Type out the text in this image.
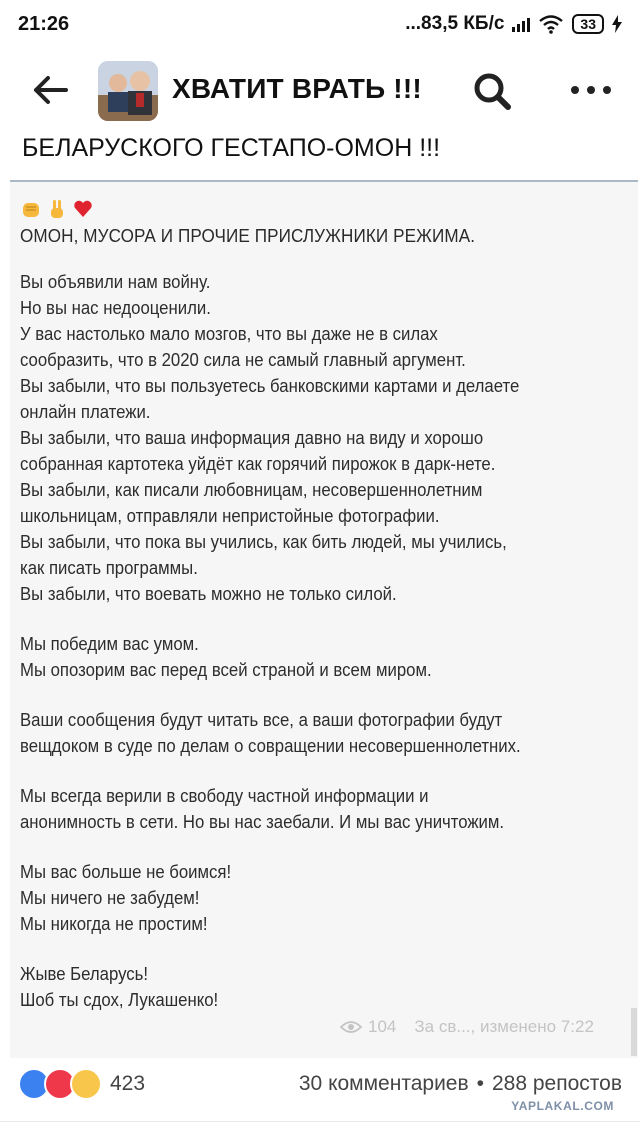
21:26	...83,5 КБ/с	33
ХВАТИТ ВРАТЬ !!!
БЕЛАРУСКОГО ГЕСТАПО-ОМОН !!!
ОМОН, МУСОРА И ПРОЧИЕ ПРИСЛУЖНИКИ РЕЖИМА.
Вы объявили нам войну.
Но вы нас недооценили.
У вас настолько мало мозгов, что вы даже не в силах
сообразить, что в 2020 сила не самый главный аргумент.
Вы забыли, что вы пользуетесь банковскими картами и делаете
онлайн платежи.
Вы забыли, что ваша информация давно на виду и хорошо
собранная картотека уйдёт как горячий пирожок в дарк-нете.
Вы забыли, как писали любовницам, несовершеннолетним
школьницам, отправляли непристойные фотографии.
Вы забыли, что пока вы учились, как бить людей, мы учились,
как писать программы.
Вы забыли, что воевать можно не только силой.
Мы победим вас умом.
Мы опозорим вас перед всей страной и всем миром.
Ваши сообщения будут читать все, а ваши фотографии будут
вещдоком в суде по делам о совращении несовершеннолетних.
Мы всегда верили в свободу частной информации и
анонимность в сети. Но вы нас заебали. И мы вас уничтожим.
Мы вас больше не боимся!
Мы ничего не забудем!
Мы никогда не простим!
Жыве Беларусь!
Шоб ты сдох, Лукашенко!
104 За св..., изменено 7:22
423	30 комментариев • 288 репостов
YAPLAKAL.COM
